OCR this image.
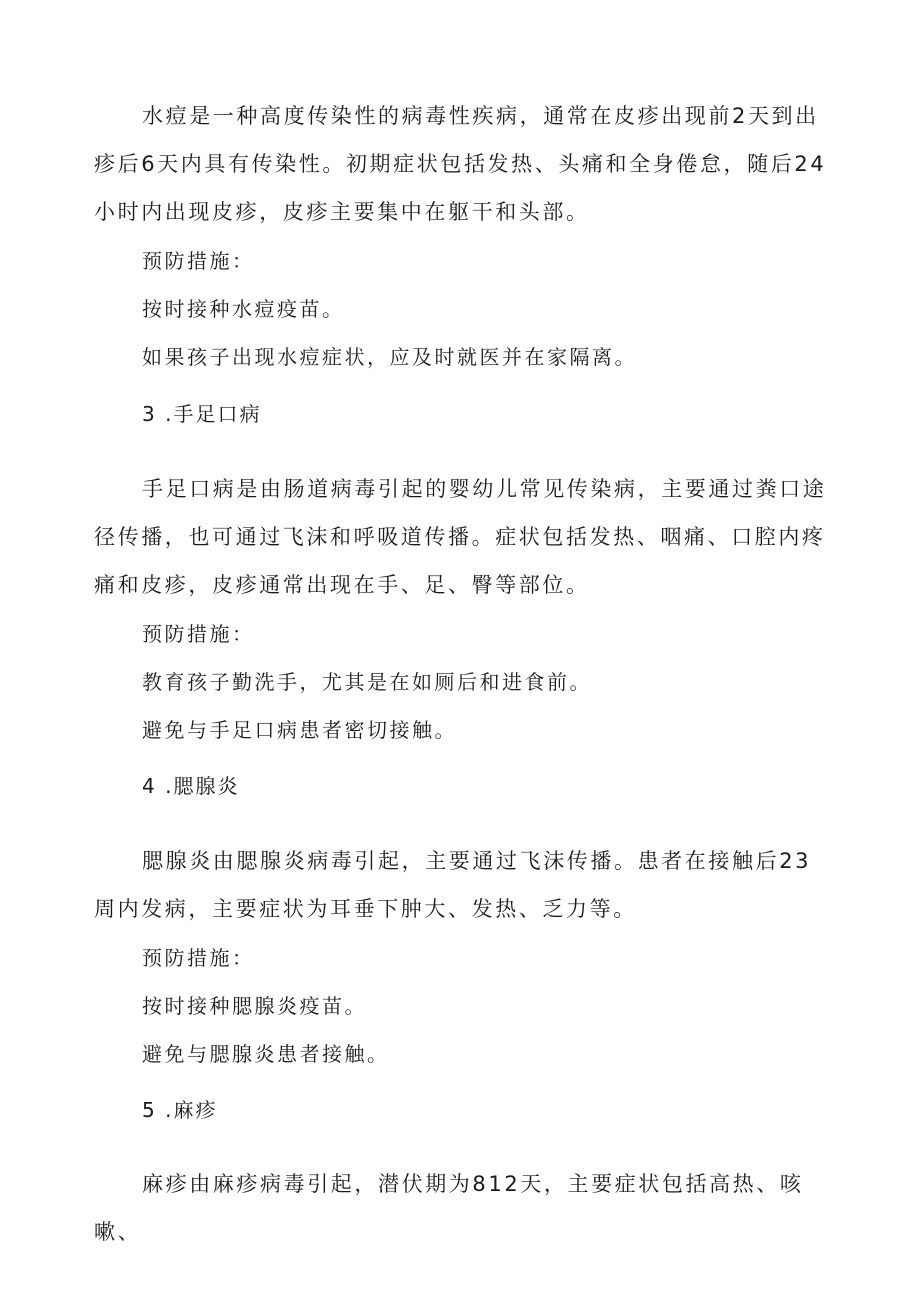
水痘是一种高度传染性的病毒性疾病，通常在皮疹出现前2天到出疹后6天内具有传染性。初期症状包括发热、头痛和全身倦怠，随后24小时内出现皮疹，皮疹主要集中在躯干和头部。

预防措施：

按时接种水痘疫苗。

如果孩子出现水痘症状，应及时就医并在家隔离。

3 .手足口病

手足口病是由肠道病毒引起的婴幼儿常见传染病，主要通过粪口途径传播，也可通过飞沫和呼吸道传播。症状包括发热、咽痛、口腔内疼痛和皮疹，皮疹通常出现在手、足、臀等部位。

预防措施：

教育孩子勤洗手，尤其是在如厕后和进食前。

避免与手足口病患者密切接触。

4 .腮腺炎

腮腺炎由腮腺炎病毒引起，主要通过飞沫传播。患者在接触后23周内发病，主要症状为耳垂下肿大、发热、乏力等。

预防措施：

按时接种腮腺炎疫苗。

避免与腮腺炎患者接触。

5 .麻疹

麻疹由麻疹病毒引起，潜伏期为812天，主要症状包括高热、咳嗽、
